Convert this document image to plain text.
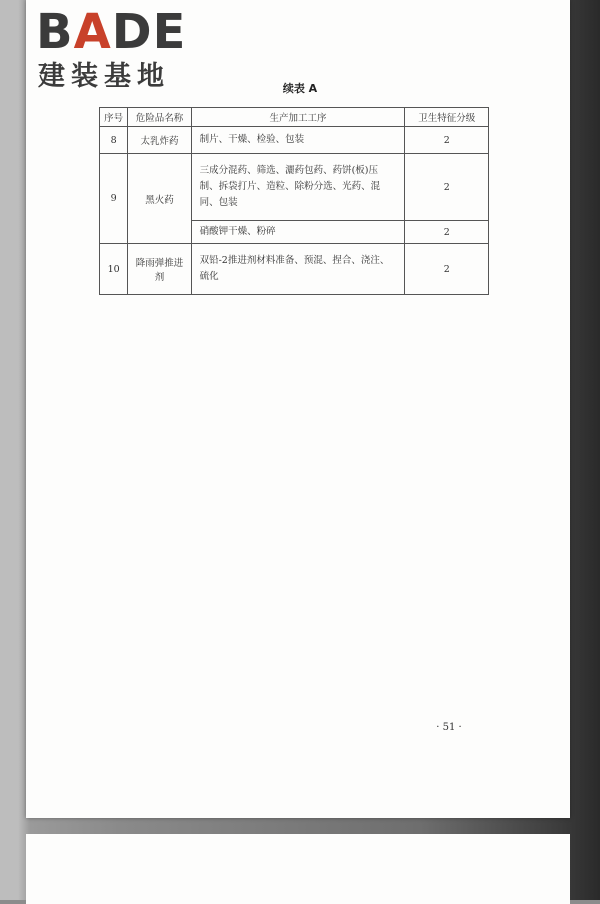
BADE
建装基地	续表 A
序号	危险品名称	生产加工工序	卫生特征分级
8	太乳炸药	制片、干燥、检验、包装	2
9	黑火药	三成分混药、筛选、灑药包药、药饼(板)压制、拆袋打片、造粒、除粉分选、光药、混同、包装	2
		硝酸钾干燥、粉碎	2
10	降雨弹推进剂	双铅-2推进剂材料准备、预混、捏合、浇注、硫化	2
· 51 ·
